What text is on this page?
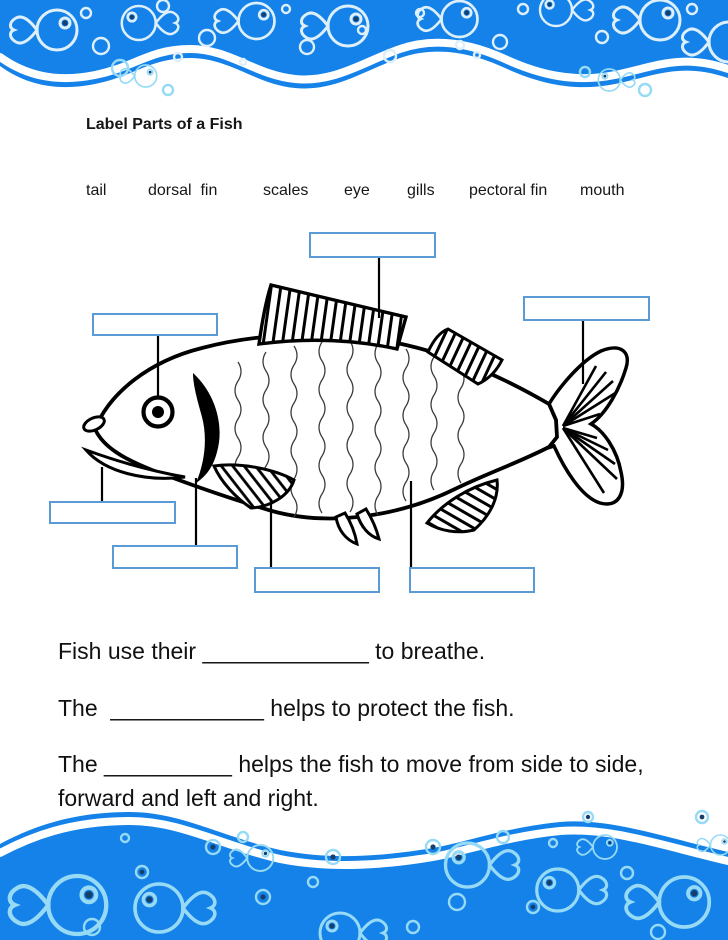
Label Parts of a Fish
tail	dorsal  fin	scales eye gills pectoral fin mouth
Fish use their _____________ to breathe.
The  ____________ helps to protect the fish.
The __________ helps the fish to move from side to side,
forward and left and right.
